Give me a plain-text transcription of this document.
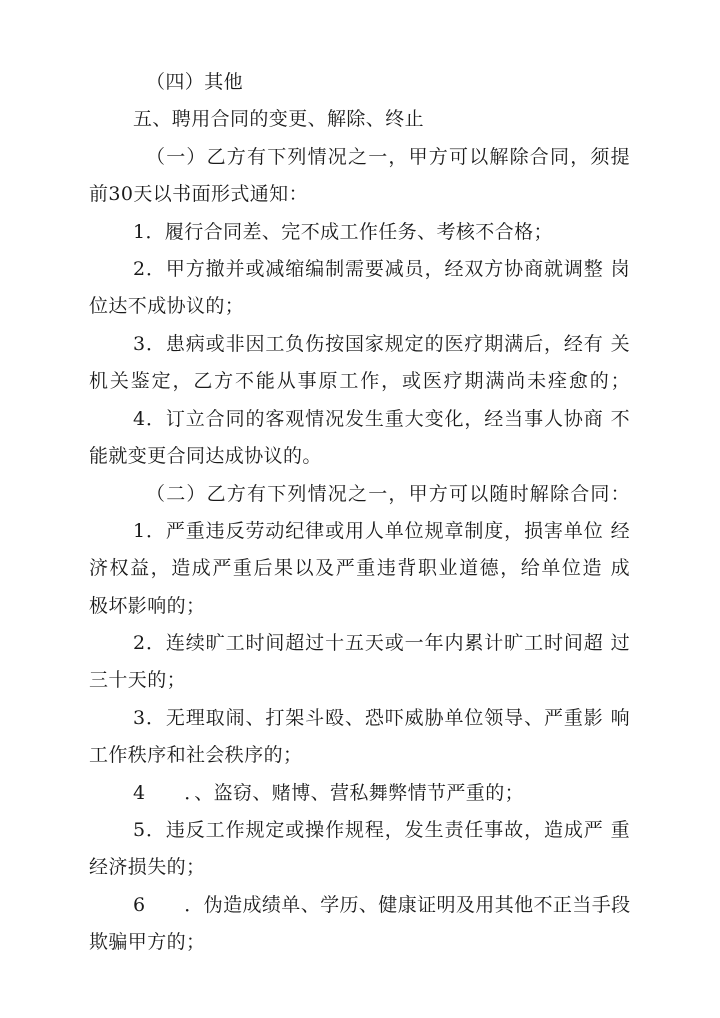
（四）其他
五、聘用合同的变更、解除、终止
（一）乙方有下列情况之一，甲方可以解除合同，须提
前30天以书面形式通知：
1．履行合同差、完不成工作任务、考核不合格；
2．甲方撤并或减缩编制需要减员，经双方协商就调整 岗
位达不成协议的；
3．患病或非因工负伤按国家规定的医疗期满后，经有 关
机关鉴定，乙方不能从事原工作，或医疗期满尚未痊愈的；
4．订立合同的客观情况发生重大变化，经当事人协商 不
能就变更合同达成协议的。
（二）乙方有下列情况之一，甲方可以随时解除合同：
1．严重违反劳动纪律或用人单位规章制度，损害单位 经
济权益，造成严重后果以及严重违背职业道德，给单位造 成
极坏影响的；
2．连续旷工时间超过十五天或一年内累计旷工时间超 过
三十天的；
3．无理取闹、打架斗殴、恐吓威胁单位领导、严重影 响
工作秩序和社会秩序的；
4　　．、盗窃、赌博、营私舞弊情节严重的；
5．违反工作规定或操作规程，发生责任事故，造成严 重
经济损失的；
6　　．伪造成绩单、学历、健康证明及用其他不正当手段
欺骗甲方的；
